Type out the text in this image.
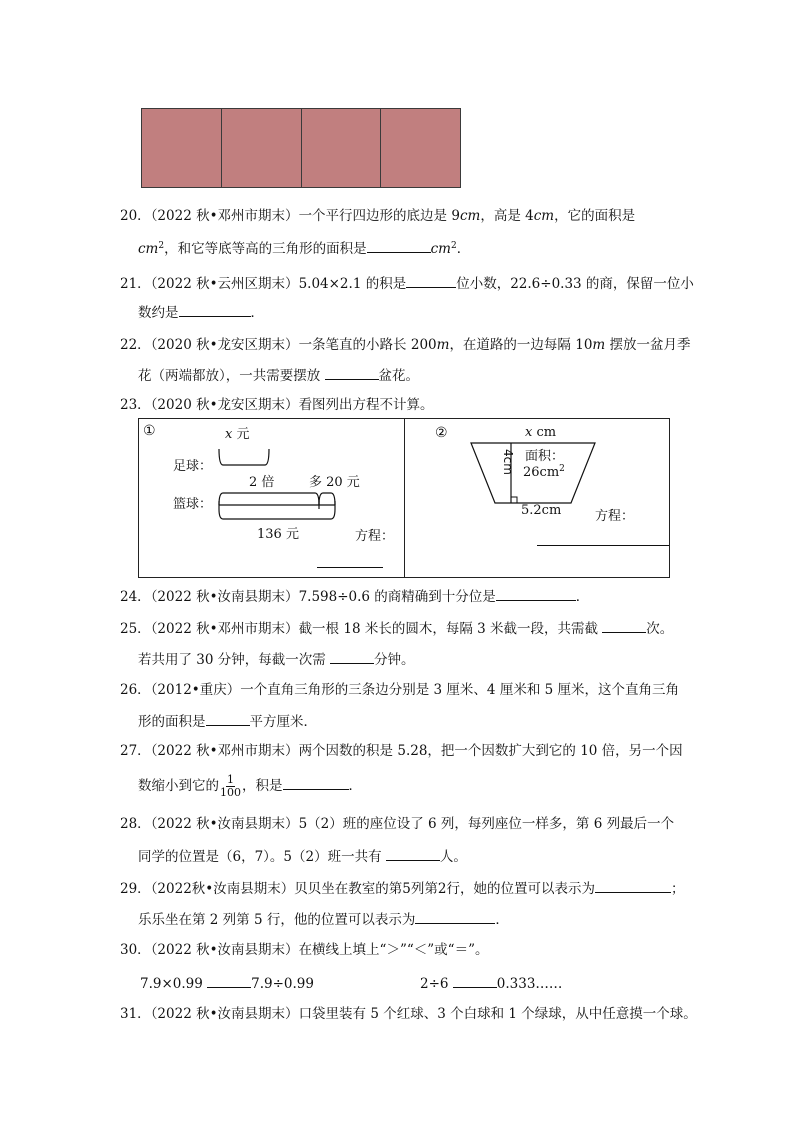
20．（2022 秋•邓州市期末）一个平行四边形的底边是 9cm，高是 4cm，它的面积是
$cm^2$，和它等底等高的三角形的面积是	$cm^2$．
21．（2022 秋•云州区期末）5.04×2.1 的积是	位小数，22.6÷0.33 的商，保留一位小
数约是	．
22．（2020 秋•龙安区期末）一条笔直的小路长 200m，在道路的一边每隔 10m 摆放一盆月季
花（两端都放），一共需要摆放	盆花。
23．（2020 秋•龙安区期末）看图列出方程不计算。
①	x 元
足球：
2 倍	多 20 元
篮球：
136 元	方程：
②	x cm
4cm 面积：
$26cm^2$
5.2cm	方程：
24．（2022 秋•汝南县期末）7.598÷0.6 的商精确到十分位是	．
25．（2022 秋•邓州市期末）截一根 18 米长的圆木，每隔 3 米截一段，共需截	次。
若共用了 30 分钟，每截一次需	分钟。
26．（2012•重庆）一个直角三角形的三条边分别是 3 厘米、4 厘米和 5 厘米，这个直角三角
形的面积是	平方厘米．
27．（2022 秋•邓州市期末）两个因数的积是 5.28，把一个因数扩大到它的 10 倍，另一个因
数缩小到它的 $\frac{1}{100}$ ，积是	．
28．（2022 秋•汝南县期末）5（2）班的座位设了 6 列，每列座位一样多，第 6 列最后一个
同学的位置是（6，7）。5（2）班一共有	人。
29．（2022秋•汝南县期末）贝贝坐在教室的第5列第2行，她的位置可以表示为	；
乐乐坐在第 2 列第 5 行，他的位置可以表示为	．
30．（2022 秋•汝南县期末）在横线上填上“＞”“＜”或“＝”。
7.9×0.99	7.9÷0.99	2÷6	0.333……
31．（2022 秋•汝南县期末）口袋里装有 5 个红球、3 个白球和 1 个绿球，从中任意摸一个球。
